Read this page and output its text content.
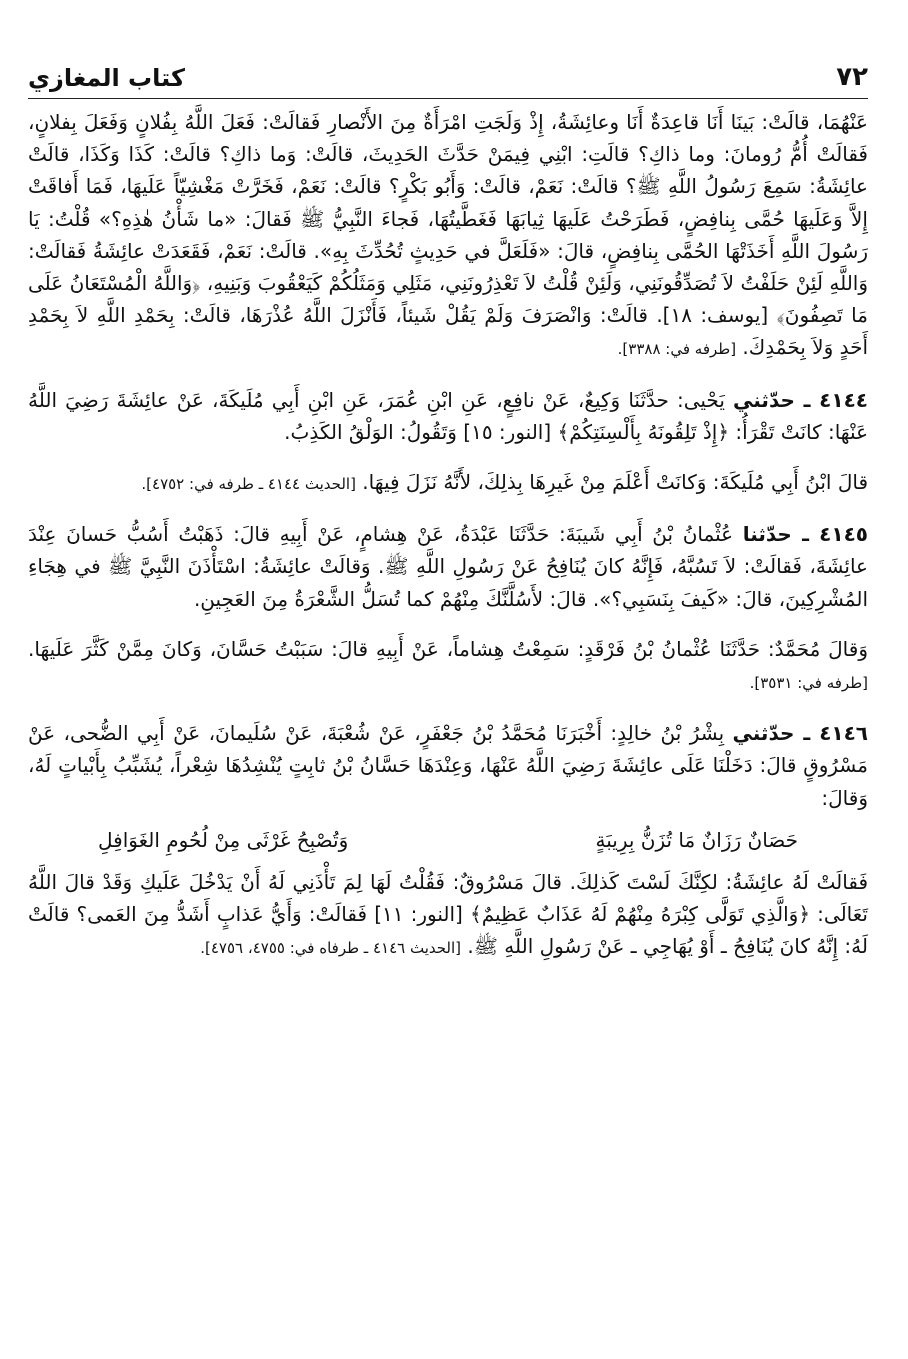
٧٢
كتاب المغازي

عَنْهُمَا، قالَتْ: بَينَا أَنَا قاعِدَةٌ أَنَا وعائِشَةُ، إِذْ وَلَجَتِ امْرَأَةٌ مِنَ الأَنْصارِ فَقالَتْ: فَعَلَ اللَّهُ بِفُلانٍ وَفَعَلَ بِفلانٍ، فَقالَتْ أُمُّ رُومانَ: وما ذاكِ؟ قالَتِ: ابْنِي فِيمَنْ حَدَّثَ الحَدِيثَ، قالَتْ: وَما ذاكِ؟ قالَتْ: كَذَا وَكَذَا، قالَتْ عائِشَةُ: سَمِعَ رَسُولُ اللَّهِ ﷺ؟ قالَتْ: نَعَمْ، قالَتْ: وَأَبُو بَكْرٍ؟ قالَتْ: نَعَمْ، فَخَرَّتْ مَغْشِيّاً عَلَيهَا، فَمَا أَفاقَتْ إِلاَّ وَعَلَيهَا حُمَّى بِنافِضٍ، فَطَرَحْتُ عَلَيهَا ثِيابَهَا فَغَطَّيتُهَا، فَجاءَ النَّبِيُّ ﷺ فَقالَ: «ما شَأْنُ هٰذِهِ؟» قُلْتُ: يَا رَسُولَ اللَّهِ أَخَذَتْهَا الحُمَّى بِنافِضٍ، قالَ: «فَلَعَلَّ في حَدِيثٍ تُحُدِّثَ بِهِ». قالَتْ: نَعَمْ، فَقَعَدَتْ عائِشَةُ فَقالَتْ: وَاللَّهِ لَئِنْ حَلَفْتُ لاَ تُصَدِّقُونَنِي، وَلَئِنْ قُلْتُ لاَ تَعْذِرُونَنِي، مَثَلِي وَمَثَلُكُمْ كَيَعْقُوبَ وَبَنِيهِ، ﴿وَاللَّهُ الْمُسْتَعَانُ عَلَى مَا تَصِفُونَ﴾ [يوسف: ١٨]. قالَتْ: وَانْصَرَفَ وَلَمْ يَقُلْ شَيئاً، فَأَنْزَلَ اللَّهُ عُذْرَهَا، قالَتْ: بِحَمْدِ اللَّهِ لاَ بِحَمْدِ أَحَدٍ وَلاَ بِحَمْدِكَ. [طرفه في: ٣٣٨٨].

٤١٤٤ ـ حدّثني يَحْيى: حدَّثَنَا وَكِيعٌ، عَنْ نافِعٍ، عَنِ ابْنِ عُمَرَ، عَنِ ابْنِ أَبِي مُلَيكَةَ، عَنْ عائِشَةَ رَضِيَ اللَّهُ عَنْهَا: كانَتْ تَقْرَأُ: ﴿إِذْ تَلِقُونَهُ بِأَلْسِنَتِكُمْ﴾ [النور: ١٥] وَتَقُولُ: الوَلْقُ الكَذِبُ.

قالَ ابْنُ أَبِي مُلَيكَةَ: وَكانَتْ أَعْلَمَ مِنْ غَيرِهَا بِذلِكَ، لأَنَّهُ نَزَلَ فِيهَا. [الحديث ٤١٤٤ ـ طرفه في: ٤٧٥٢].

٤١٤٥ ـ حدّثنا عُثْمانُ بْنُ أَبِي شَيبَةَ: حَدَّثَنَا عَبْدَةُ، عَنْ هِشامٍ، عَنْ أَبِيهِ قالَ: ذَهَبْتُ أَسُبُّ حَسانَ عِنْدَ عائِشَةَ، فَقالَتْ: لاَ تَسُبَّهُ، فَإِنَّهُ كانَ يُنَافِحُ عَنْ رَسُولِ اللَّهِ ﷺ. وَقالَتْ عائِشَةُ: اسْتَأْذَنَ النَّبِيَّ ﷺ في هِجَاءِ المُشْرِكِينَ، قالَ: «كَيفَ بِنَسَبِي؟». قالَ: لأَسُلَّنَّكَ مِنْهُمْ كما تُسَلُّ الشَّعْرَةُ مِنَ العَجِينِ.

وَقالَ مُحَمَّدٌ: حَدَّثَنَا عُثْمانُ بْنُ فَرْقَدٍ: سَمِعْتُ هِشاماً، عَنْ أَبِيهِ قالَ: سَبَبْتُ حَسَّانَ، وَكانَ مِمَّنْ كَثَّرَ عَلَيهَا. [طرفه في: ٣٥٣١].

٤١٤٦ ـ حدّثني بِشْرُ بْنُ خالِدٍ: أَخْبَرَنَا مُحَمَّدُ بْنُ جَعْفَرٍ، عَنْ شُعْبَةَ، عَنْ سُلَيمانَ، عَنْ أَبِي الضُّحى، عَنْ مَسْرُوقٍ قالَ: دَخَلْنَا عَلَى عائِشَةَ رَضِيَ اللَّهُ عَنْهَا، وَعِنْدَهَا حَسَّانُ بْنُ ثابِتٍ يُنْشِدُهَا شِعْراً، يُشَبِّبُ بِأَبْياتٍ لَهُ، وَقالَ:

حَصَانٌ رَزَانٌ مَا تُزَنُّ بِرِيبَةٍ
وَتُصْبِحُ غَرْثَى مِنْ لُحُومِ الغَوَافِلِ

فَقالَتْ لَهُ عائِشَةُ: لكِنَّكَ لَسْتَ كَذلِكَ. قالَ مَسْرُوقٌ: فَقُلْتُ لَهَا لِمَ تَأْذَنِي لَهُ أَنْ يَدْخُلَ عَلَيكِ وَقَدْ قالَ اللَّهُ تَعَالَى: ﴿وَالَّذِي تَوَلَّى كِبْرَهُ مِنْهُمْ لَهُ عَذَابٌ عَظِيمٌ﴾ [النور: ١١] فَقالَتْ: وَأَيُّ عَذابٍ أَشَدُّ مِنَ العَمى؟ قالَتْ لَهُ: إِنَّهُ كانَ يُنَافِحُ ـ أَوْ يُهَاجِي ـ عَنْ رَسُولِ اللَّهِ ﷺ. [الحديث ٤١٤٦ ـ طرفاه في: ٤٧٥٥، ٤٧٥٦].
